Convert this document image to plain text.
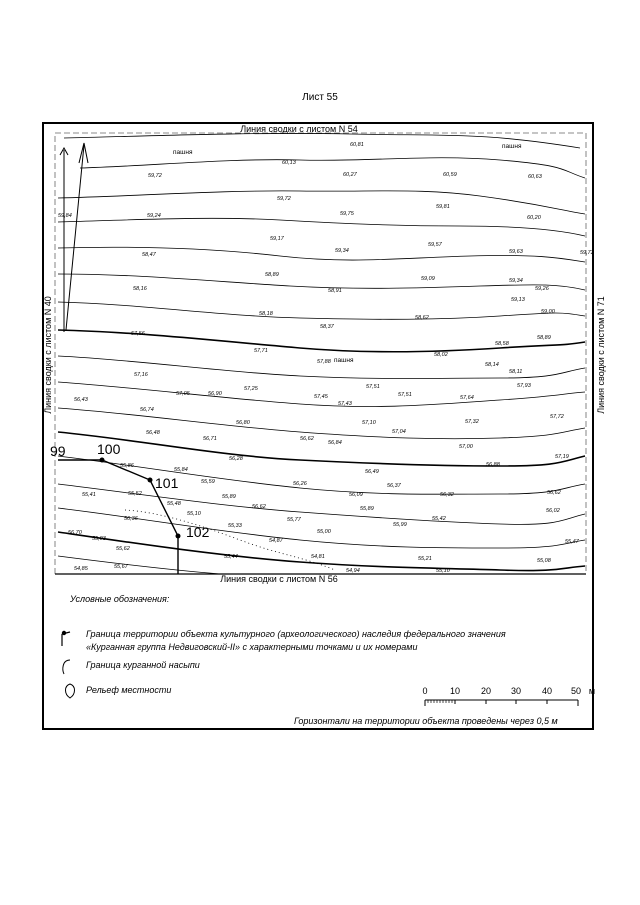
Лист 55
Линия сводки с листом N 54
Линия сводки с листом N 56
Линия сводки с листом N 40	Линия сводки с листом N 71
пашня
пашня
пашня
99 100
101
102
60,81
60,13
60,27	60,59	60,63
59,72
59,72
59,75
59,81
60,20
59,84	59,24
59,17
59,34
59,57
59,63	59,72
58,47
58,89
59,09	59,34
59,26
58,16	58,91
59,13
58,18
58,37
58,62
59,00
57,56
57,71
57,88
58,02
58,58
58,89
57,16
57,05	56,90
57,25
57,45
57,51
57,51
58,14
58,11
57,93
56,43
56,74
57,43
57,64
57,72
56,48
56,80	57,10	57,32
56,71	56,62
56,84
57,04
57,00
57,19
55,86
56,28
56,49
56,88
55,84
55,59	56,26	56,37
56,62
55,41	55,52
55,48
55,89	56,09	56,32
56,62
55,77
55,89	56,02
56,36
55,10
55,33
55,42
55,99
56,70
55,03
55,00
55,47
55,62
54,87
55,44	54,81	55,21	55,08
55,67
54,85	54,94	55,10
0 10 20 30 40 50 м
Условные обозначения:
Граница территории объекта культурного (археологического) наследия федерального значения
«Курганная группа Недвиговский-II» с характерными точками и их номерами
Граница курганной насыпи
Рельеф местности
Горизонтали на территории объекта проведены через 0,5 м
